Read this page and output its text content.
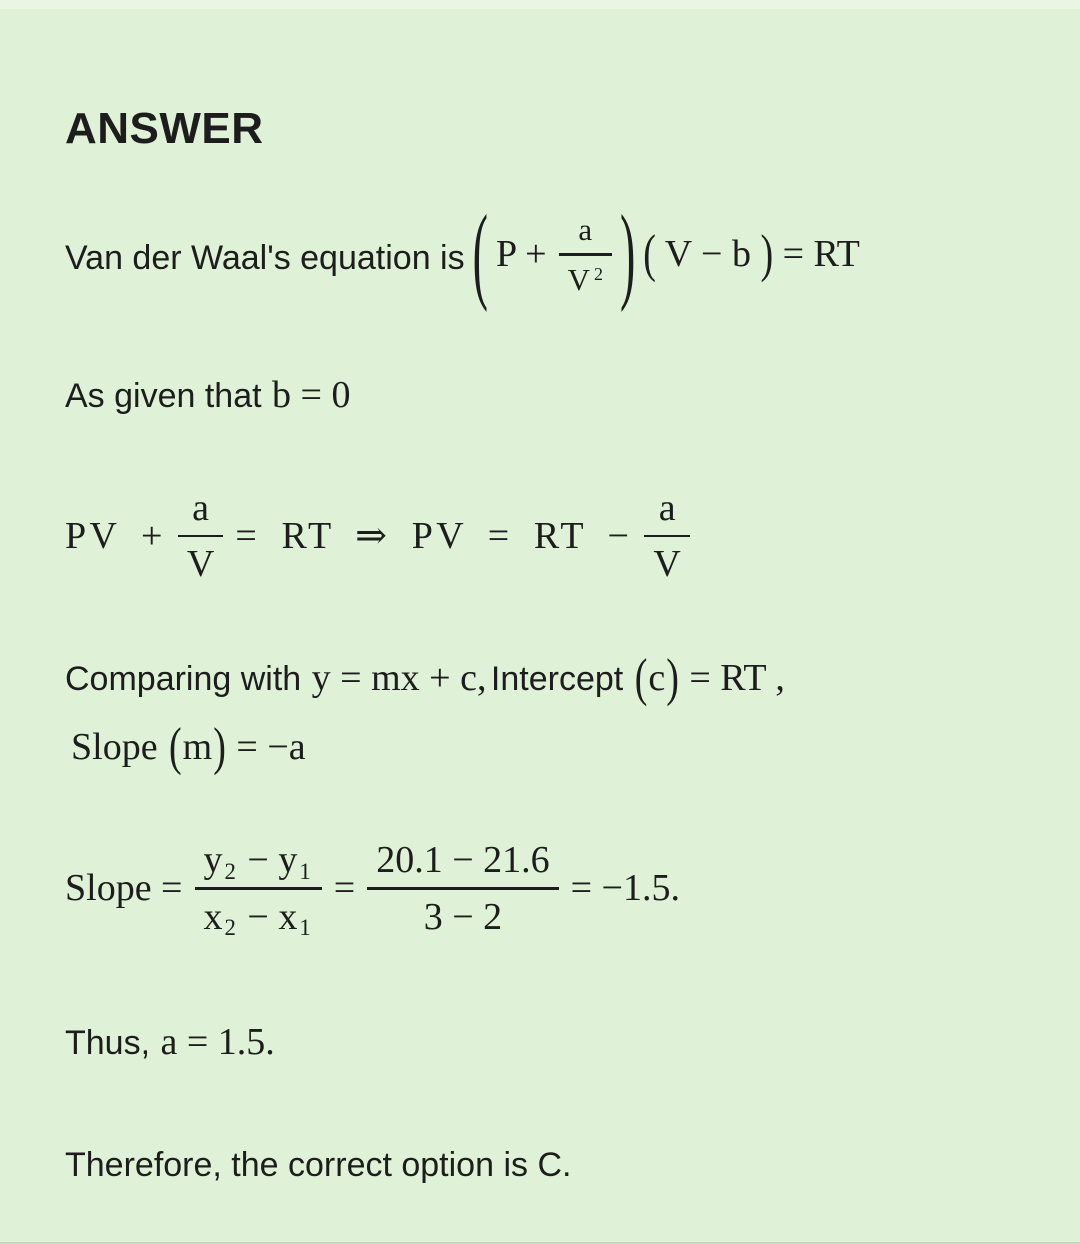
ANSWER
Van der Waal's equation is ( $P + \frac{a}{V ^2}$ ) ( V − b ) = RT
As given that b = 0
PV + $\frac{a}{V}$ = RT ⇒ PV = RT − $\frac{a}{V}$
Comparing with y = mx + c, Intercept (c) = RT ,
Slope (m) = −a
Slope = $\frac{y_2 - y_1}{x_2 - x_1} = \frac{20.1 - 21.6}{3 - 2} = -1.5$.
Thus, a = 1.5.
Therefore, the correct option is C.
